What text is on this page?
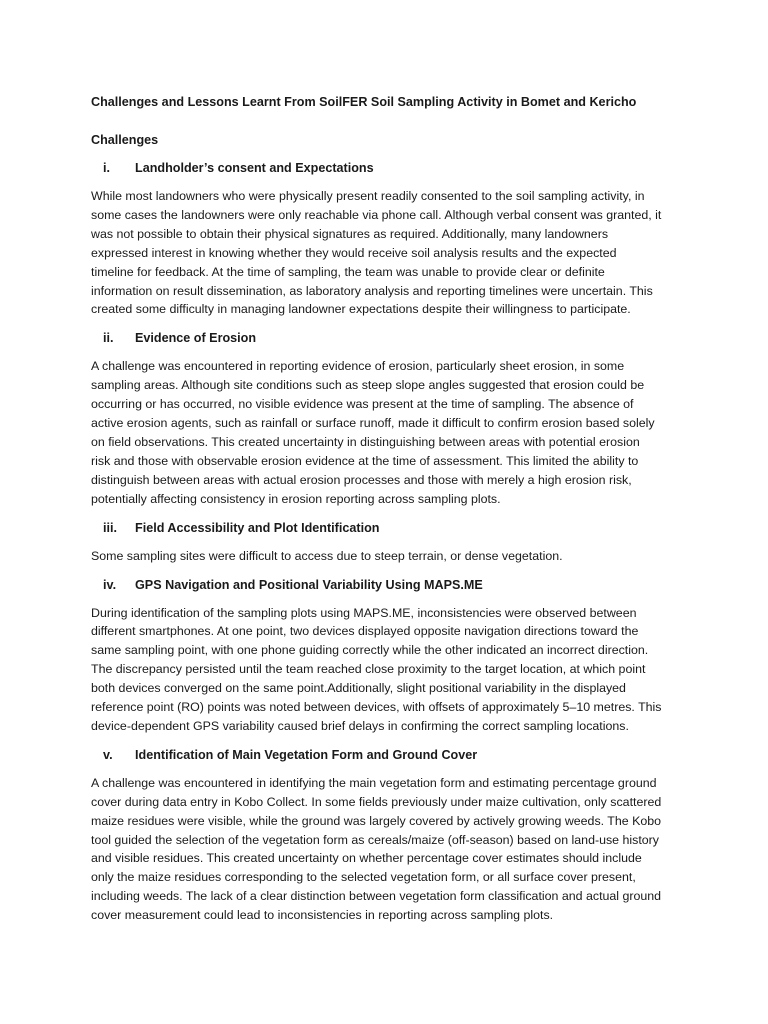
Challenges and Lessons Learnt From SoilFER Soil Sampling Activity in Bomet and Kericho
Challenges
i.	Landholder’s consent and Expectations
While most landowners who were physically present readily consented to the soil sampling activity, in
some cases the landowners were only reachable via phone call. Although verbal consent was granted, it
was not possible to obtain their physical signatures as required. Additionally, many landowners
expressed interest in knowing whether they would receive soil analysis results and the expected
timeline for feedback. At the time of sampling, the team was unable to provide clear or definite
information on result dissemination, as laboratory analysis and reporting timelines were uncertain. This
created some difficulty in managing landowner expectations despite their willingness to participate.
ii.	Evidence of Erosion
A challenge was encountered in reporting evidence of erosion, particularly sheet erosion, in some
sampling areas. Although site conditions such as steep slope angles suggested that erosion could be
occurring or has occurred, no visible evidence was present at the time of sampling. The absence of
active erosion agents, such as rainfall or surface runoff, made it difficult to confirm erosion based solely
on field observations. This created uncertainty in distinguishing between areas with potential erosion
risk and those with observable erosion evidence at the time of assessment. This limited the ability to
distinguish between areas with actual erosion processes and those with merely a high erosion risk,
potentially affecting consistency in erosion reporting across sampling plots.
iii.	Field Accessibility and Plot Identification
Some sampling sites were difficult to access due to steep terrain, or dense vegetation.
iv.	GPS Navigation and Positional Variability Using MAPS.ME
During identification of the sampling plots using MAPS.ME, inconsistencies were observed between
different smartphones. At one point, two devices displayed opposite navigation directions toward the
same sampling point, with one phone guiding correctly while the other indicated an incorrect direction.
The discrepancy persisted until the team reached close proximity to the target location, at which point
both devices converged on the same point.Additionally, slight positional variability in the displayed
reference point (RO) points was noted between devices, with offsets of approximately 5–10 metres. This
device-dependent GPS variability caused brief delays in confirming the correct sampling locations.
v.	Identification of Main Vegetation Form and Ground Cover
A challenge was encountered in identifying the main vegetation form and estimating percentage ground
cover during data entry in Kobo Collect. In some fields previously under maize cultivation, only scattered
maize residues were visible, while the ground was largely covered by actively growing weeds. The Kobo
tool guided the selection of the vegetation form as cereals/maize (off-season) based on land-use history
and visible residues. This created uncertainty on whether percentage cover estimates should include
only the maize residues corresponding to the selected vegetation form, or all surface cover present,
including weeds. The lack of a clear distinction between vegetation form classification and actual ground
cover measurement could lead to inconsistencies in reporting across sampling plots.
